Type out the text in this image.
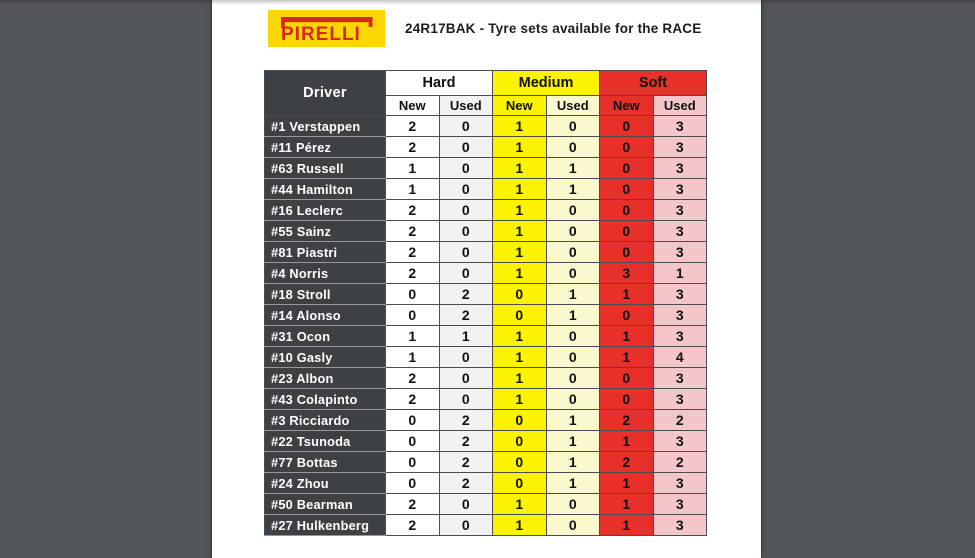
PIRELLI	24R17BAK - Tyre sets available for the RACE
Driver	Hard		Medium		Soft	
	New	Used	New	Used	New	Used
#1 Verstappen	2	0	1	0	0	3
#11 Pérez	2	0	1	0	0	3
#63 Russell	1	0	1	1	0	3
#44 Hamilton	1	0	1	1	0	3
#16 Leclerc	2	0	1	0	0	3
#55 Sainz	2	0	1	0	0	3
#81 Piastri	2	0	1	0	0	3
#4 Norris	2	0	1	0	3	1
#18 Stroll	0	2	0	1	1	3
#14 Alonso	0	2	0	1	0	3
#31 Ocon	1	1	1	0	1	3
#10 Gasly	1	0	1	0	1	4
#23 Albon	2	0	1	0	0	3
#43 Colapinto	2	0	1	0	0	3
#3 Ricciardo	0	2	0	1	2	2
#22 Tsunoda	0	2	0	1	1	3
#77 Bottas	0	2	0	1	2	2
#24 Zhou	0	2	0	1	1	3
#50 Bearman	2	0	1	0	1	3
#27 Hulkenberg	2	0	1	0	1	3
